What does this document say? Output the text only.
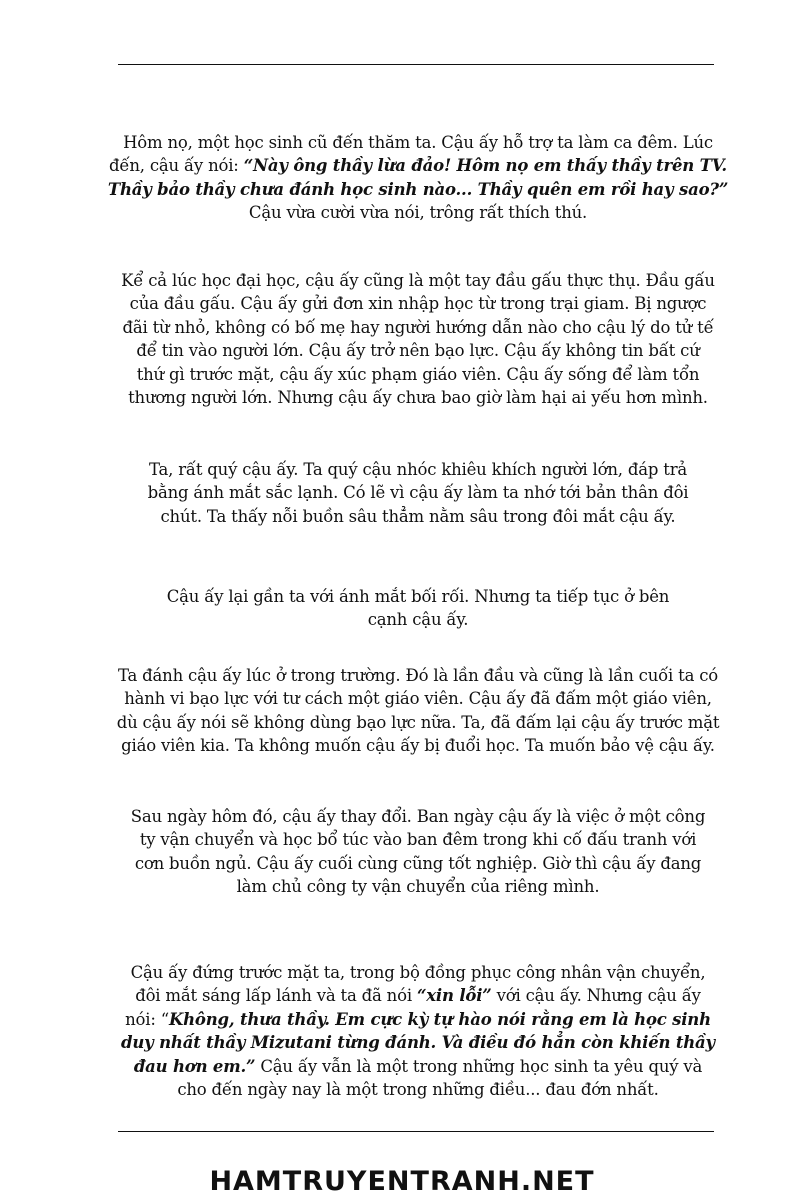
Hôm nọ, một học sinh cũ đến thăm ta. Cậu ấy hỗ trợ ta làm ca đêm. Lúc
đến, cậu ấy nói: “Này ông thầy lừa đảo! Hôm nọ em thấy thầy trên TV.
Thầy bảo thầy chưa đánh học sinh nào... Thầy quên em rồi hay sao?”
Cậu vừa cười vừa nói, trông rất thích thú.
Kể cả lúc học đại học, cậu ấy cũng là một tay đầu gấu thực thụ. Đầu gấu
của đầu gấu. Cậu ấy gửi đơn xin nhập học từ trong trại giam. Bị ngược
đãi từ nhỏ, không có bố mẹ hay người hướng dẫn nào cho cậu lý do tử tế
để tin vào người lớn. Cậu ấy trở nên bạo lực. Cậu ấy không tin bất cứ
thứ gì trước mặt, cậu ấy xúc phạm giáo viên. Cậu ấy sống để làm tổn
thương người lớn. Nhưng cậu ấy chưa bao giờ làm hại ai yếu hơn mình.
Ta, rất quý cậu ấy. Ta quý cậu nhóc khiêu khích người lớn, đáp trả
bằng ánh mắt sắc lạnh. Có lẽ vì cậu ấy làm ta nhớ tới bản thân đôi
chút. Ta thấy nỗi buồn sâu thẳm nằm sâu trong đôi mắt cậu ấy.
Cậu ấy lại gần ta với ánh mắt bối rối. Nhưng ta tiếp tục ở bên
cạnh cậu ấy.
Ta đánh cậu ấy lúc ở trong trường. Đó là lần đầu và cũng là lần cuối ta có
hành vi bạo lực với tư cách một giáo viên. Cậu ấy đã đấm một giáo viên,
dù cậu ấy nói sẽ không dùng bạo lực nữa. Ta, đã đấm lại cậu ấy trước mặt
giáo viên kia. Ta không muốn cậu ấy bị đuổi học. Ta muốn bảo vệ cậu ấy.
Sau ngày hôm đó, cậu ấy thay đổi. Ban ngày cậu ấy là việc ở một công
ty vận chuyển và học bổ túc vào ban đêm trong khi cố đấu tranh với
cơn buồn ngủ. Cậu ấy cuối cùng cũng tốt nghiệp. Giờ thì cậu ấy đang
làm chủ công ty vận chuyển của riêng mình.
Cậu ấy đứng trước mặt ta, trong bộ đồng phục công nhân vận chuyển,
đôi mắt sáng lấp lánh và ta đã nói “xin lỗi” với cậu ấy. Nhưng cậu ấy
nói: “Không, thưa thầy. Em cực kỳ tự hào nói rằng em là học sinh
duy nhất thầy Mizutani từng đánh. Và điều đó hẳn còn khiến thầy
đau hơn em.” Cậu ấy vẫn là một trong những học sinh ta yêu quý và
cho đến ngày nay là một trong những điều... đau đớn nhất.
HAMTRUYENTRANH.NET
